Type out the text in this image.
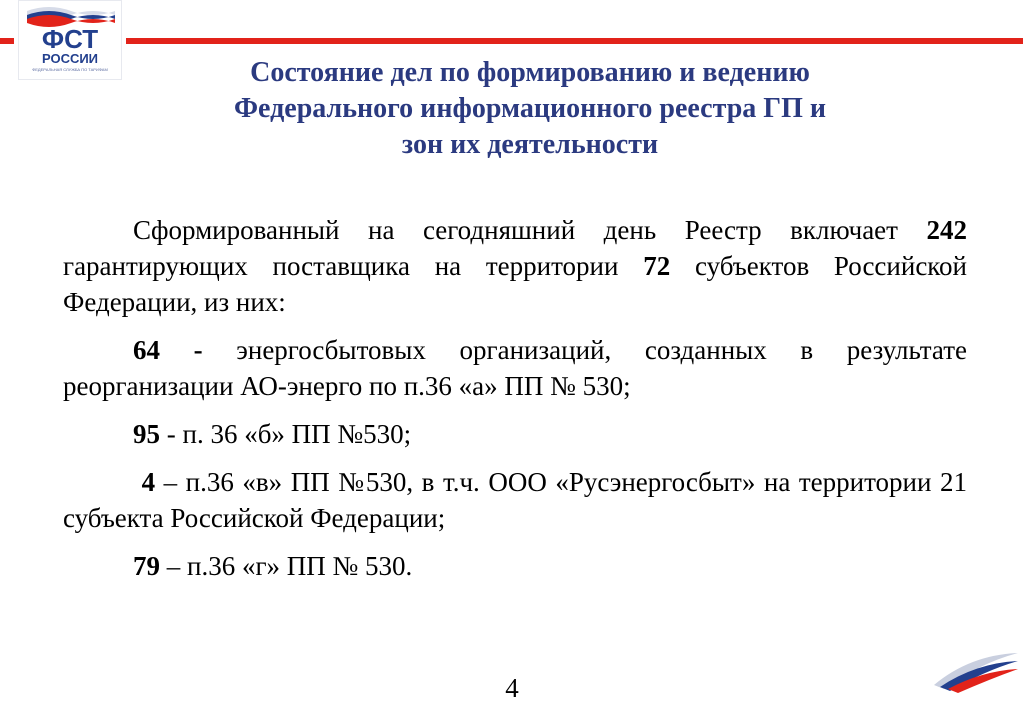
ФСТ
РОССИИ
ФЕДЕРАЛЬНАЯ СЛУЖБА ПО ТАРИФАМ	Состояние дел по формированию и ведению
Федерального информационного реестра ГП и
зон их деятельности

Сформированный на сегодняшний день Реестр включает 242 гарантирующих поставщика на территории 72 субъектов Российской Федерации, из них:

64 - энергосбытовых организаций, созданных в результате реорганизации АО-энерго по п.36 «а» ПП № 530;

95 - п. 36 «б» ПП №530;

4 – п.36 «в» ПП №530, в т.ч. ООО «Русэнергосбыт» на территории 21 субъекта Российской Федерации;

79 – п.36 «г» ПП № 530.

4
